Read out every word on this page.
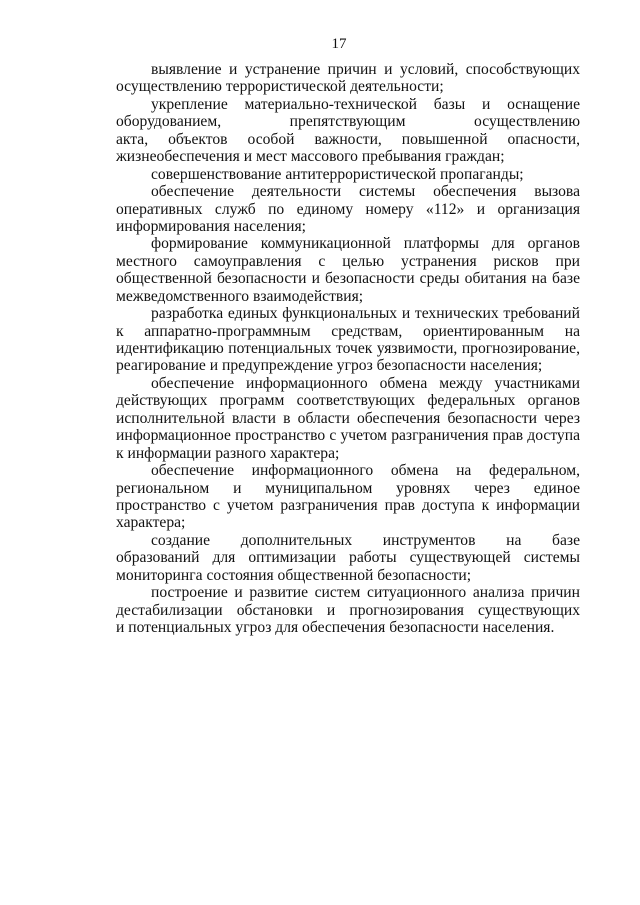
17
выявление и устранение причин и условий, способствующих
осуществлению террористической деятельности;
укрепление материально-технической базы и оснащение
оборудованием, препятствующим осуществлению
акта, объектов особой важности, повышенной опасности,
жизнеобеспечения и мест массового пребывания граждан;
совершенствование антитеррористической пропаганды;
обеспечение деятельности системы обеспечения вызова
оперативных служб по единому номеру «112» и организация
информирования населения;
формирование коммуникационной платформы для органов
местного самоуправления с целью устранения рисков при
общественной безопасности и безопасности среды обитания на базе
межведомственного взаимодействия;
разработка единых функциональных и технических требований
к аппаратно-программным средствам, ориентированным на
идентификацию потенциальных точек уязвимости, прогнозирование,
реагирование и предупреждение угроз безопасности населения;
обеспечение информационного обмена между участниками
действующих программ соответствующих федеральных органов
исполнительной власти в области обеспечения безопасности через
информационное пространство с учетом разграничения прав доступа
к информации разного характера;
обеспечение информационного обмена на федеральном,
региональном и муниципальном уровнях через единое
пространство с учетом разграничения прав доступа к информации
характера;
создание дополнительных инструментов на базе
образований для оптимизации работы существующей системы
мониторинга состояния общественной безопасности;
построение и развитие систем ситуационного анализа причин
дестабилизации обстановки и прогнозирования существующих
и потенциальных угроз для обеспечения безопасности населения.
